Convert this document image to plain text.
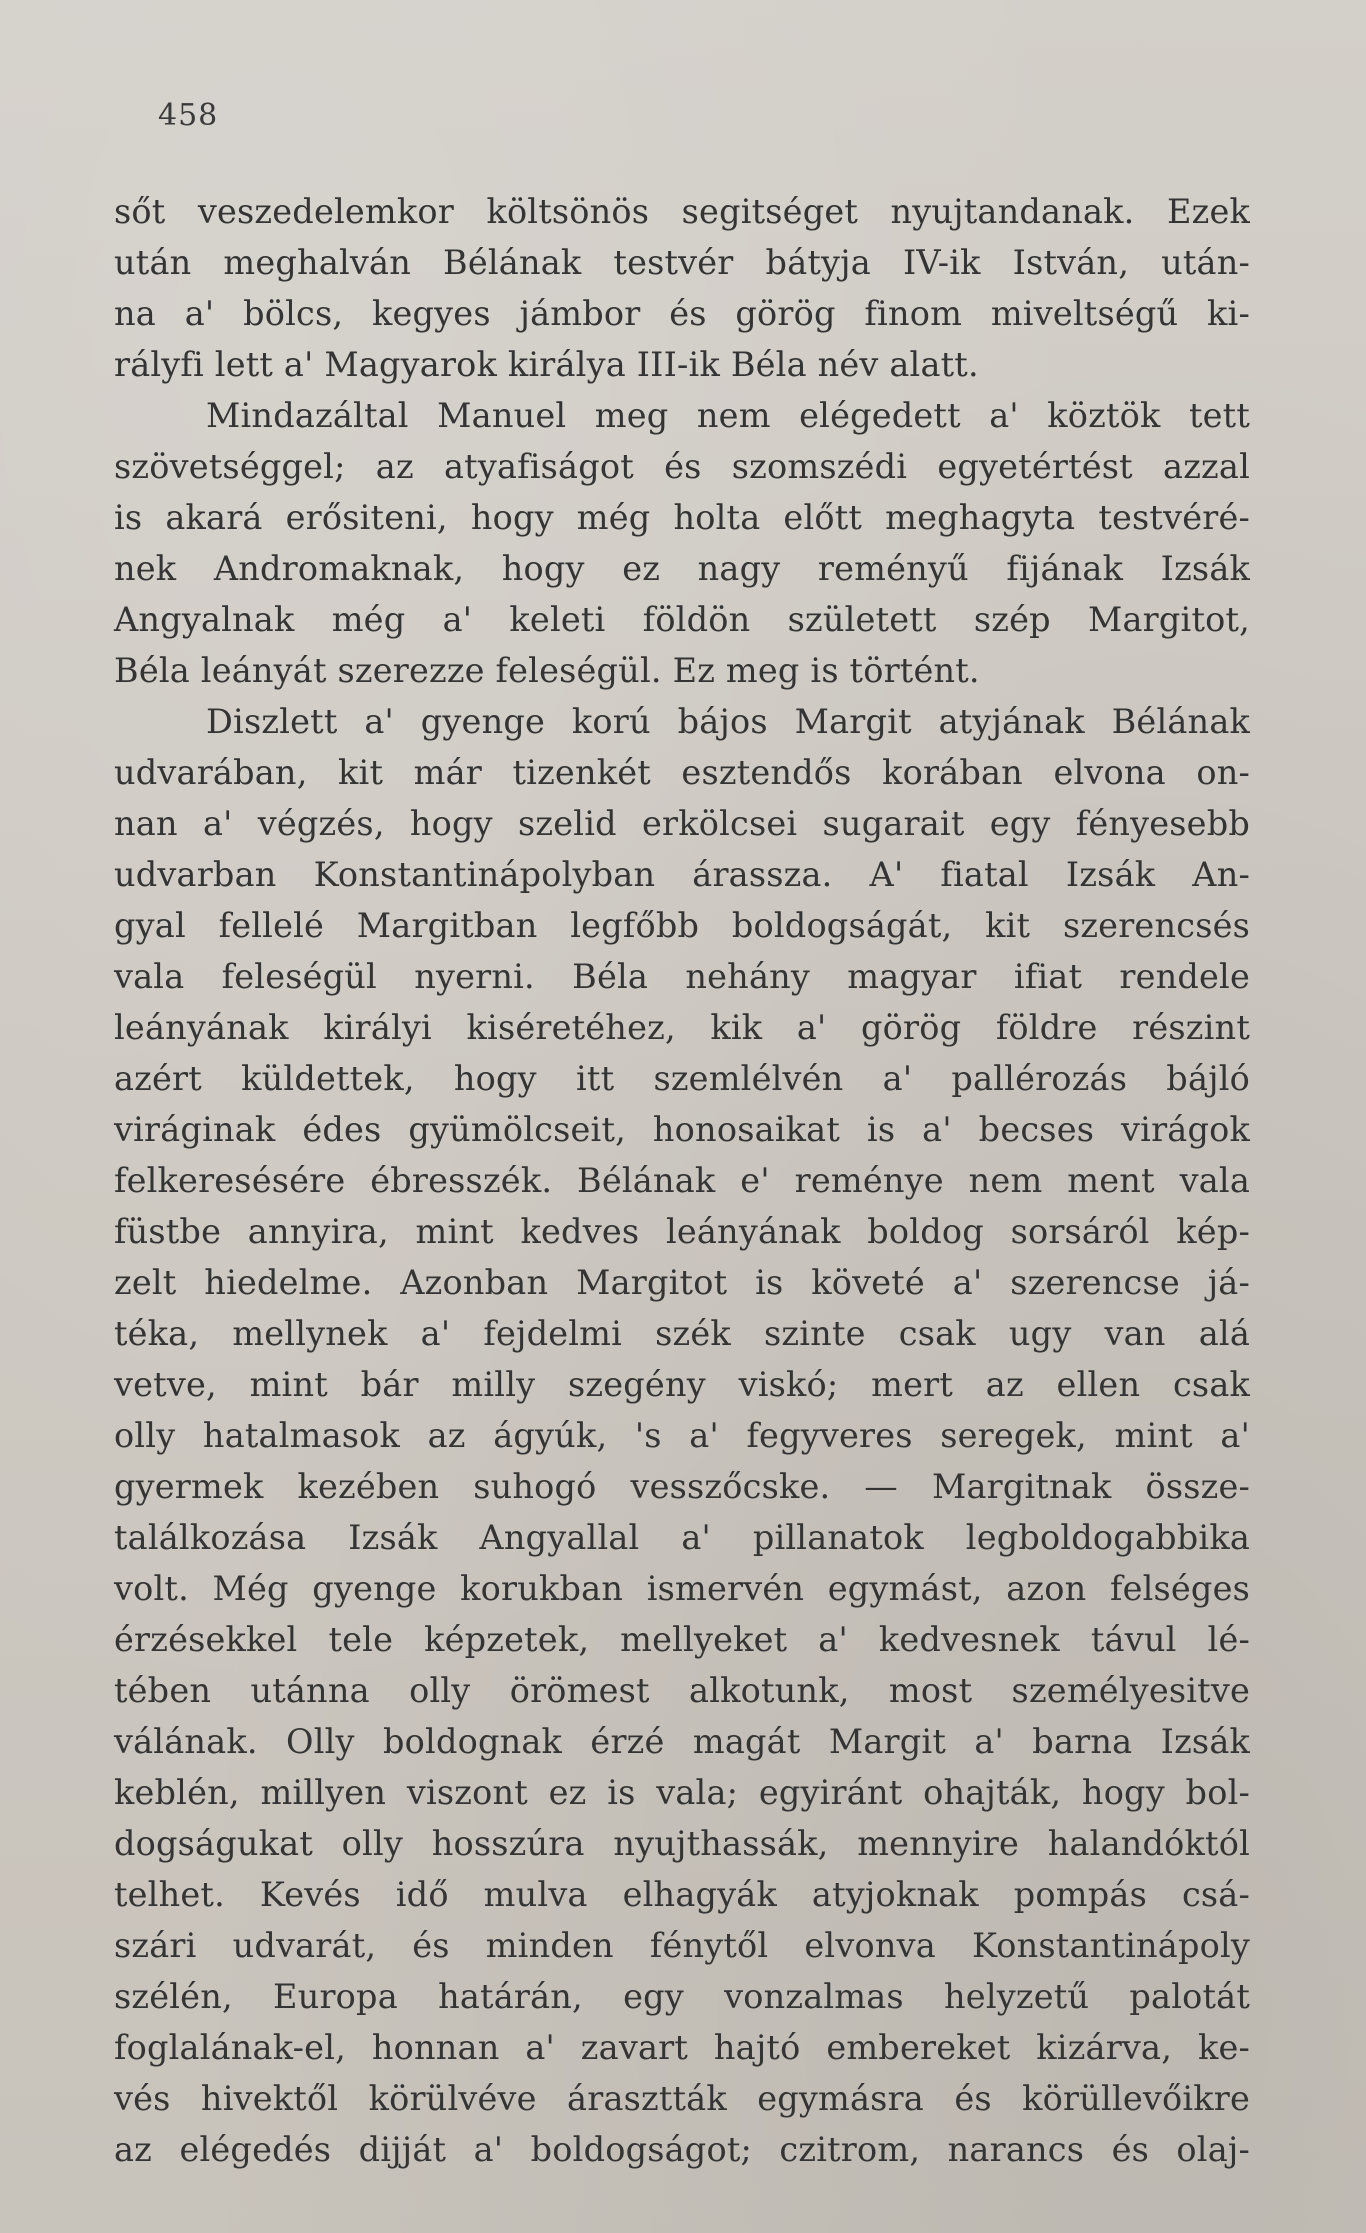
458
sőt veszedelemkor költsönös segitséget nyujtandanak. Ezek
után meghalván Bélának testvér bátyja IV-ik István, után-
na a' bölcs, kegyes jámbor és görög finom miveltségű ki-
rályfi lett a' Magyarok királya III-ik Béla név alatt.
Mindazáltal Manuel meg nem elégedett a' köztök tett
szövetséggel; az atyafiságot és szomszédi egyetértést azzal
is akará erősiteni, hogy még holta előtt meghagyta testvéré-
nek Andromaknak, hogy ez nagy reményű fijának Izsák
Angyalnak még a' keleti földön született szép Margitot,
Béla leányát szerezze feleségül. Ez meg is történt.
Diszlett a' gyenge korú bájos Margit atyjának Bélának
udvarában, kit már tizenkét esztendős korában elvona on-
nan a' végzés, hogy szelid erkölcsei sugarait egy fényesebb
udvarban Konstantinápolyban árassza. A' fiatal Izsák An-
gyal fellelé Margitban legfőbb boldogságát, kit szerencsés
vala feleségül nyerni. Béla nehány magyar ifiat rendele
leányának királyi kiséretéhez, kik a' görög földre részint
azért küldettek, hogy itt szemlélvén a' pallérozás bájló
viráginak édes gyümölcseit, honosaikat is a' becses virágok
felkeresésére ébresszék. Bélának e' reménye nem ment vala
füstbe annyira, mint kedves leányának boldog sorsáról kép-
zelt hiedelme. Azonban Margitot is követé a' szerencse já-
téka, mellynek a' fejdelmi szék szinte csak ugy van alá
vetve, mint bár milly szegény viskó; mert az ellen csak
olly hatalmasok az ágyúk, 's a' fegyveres seregek, mint a'
gyermek kezében suhogó vesszőcske. — Margitnak össze-
találkozása Izsák Angyallal a' pillanatok legboldogabbika
volt. Még gyenge korukban ismervén egymást, azon felséges
érzésekkel tele képzetek, mellyeket a' kedvesnek távul lé-
tében utánna olly örömest alkotunk, most személyesitve
válának. Olly boldognak érzé magát Margit a' barna Izsák
keblén, millyen viszont ez is vala; egyiránt ohajták, hogy bol-
dogságukat olly hosszúra nyujthassák, mennyire halandóktól
telhet. Kevés idő mulva elhagyák atyjoknak pompás csá-
szári udvarát, és minden fénytől elvonva Konstantinápoly
szélén, Europa határán, egy vonzalmas helyzetű palotát
foglalának-el, honnan a' zavart hajtó embereket kizárva, ke-
vés hivektől körülvéve árasztták egymásra és körüllevőikre
az elégedés dijját a' boldogságot; czitrom, narancs és olaj-
